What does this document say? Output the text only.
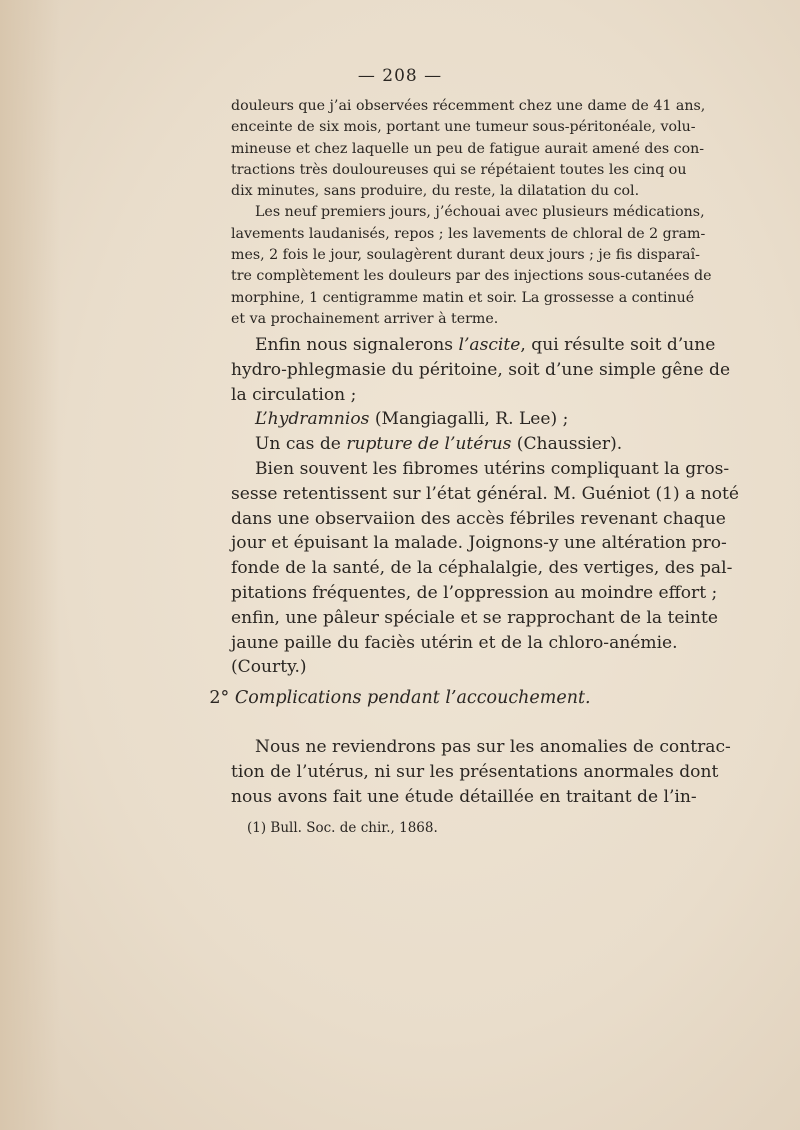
— 208 —
douleurs que j’ai observées récemment chez une dame de 41 ans,
enceinte de six mois, portant une tumeur sous-péritonéale, volu-
mineuse et chez laquelle un peu de fatigue aurait amené des con-
tractions très douloureuses qui se répétaient toutes les cinq ou
dix minutes, sans produire, du reste, la dilatation du col.
Les neuf premiers jours, j’échouai avec plusieurs médications,
lavements laudanisés, repos ; les lavements de chloral de 2 gram-
mes, 2 fois le jour, soulagèrent durant deux jours ; je fis disparaî-
tre complètement les douleurs par des injections sous-cutanées de
morphine, 1 centigramme matin et soir. La grossesse a continué
et va prochainement arriver à terme.
Enfin nous signalerons l’ascite, qui résulte soit d’une
hydro-phlegmasie du péritoine, soit d’une simple gêne de
la circulation ;
L’hydramnios (Mangiagalli, R. Lee) ;
Un cas de rupture de l’utérus (Chaussier).
Bien souvent les fibromes utérins compliquant la gros-
sesse retentissent sur l’état général. M. Guéniot (1) a noté
dans une observaiion des accès fébriles revenant chaque
jour et épuisant la malade. Joignons-y une altération pro-
fonde de la santé, de la céphalalgie, des vertiges, des pal-
pitations fréquentes, de l’oppression au moindre effort ;
enfin, une pâleur spéciale et se rapprochant de la teinte
jaune paille du faciès utérin et de la chloro-anémie.
(Courty.)
2° Complications pendant l’accouchement.
Nous ne reviendrons pas sur les anomalies de contrac-
tion de l’utérus, ni sur les présentations anormales dont
nous avons fait une étude détaillée en traitant de l’in-
(1) Bull. Soc. de chir., 1868.
